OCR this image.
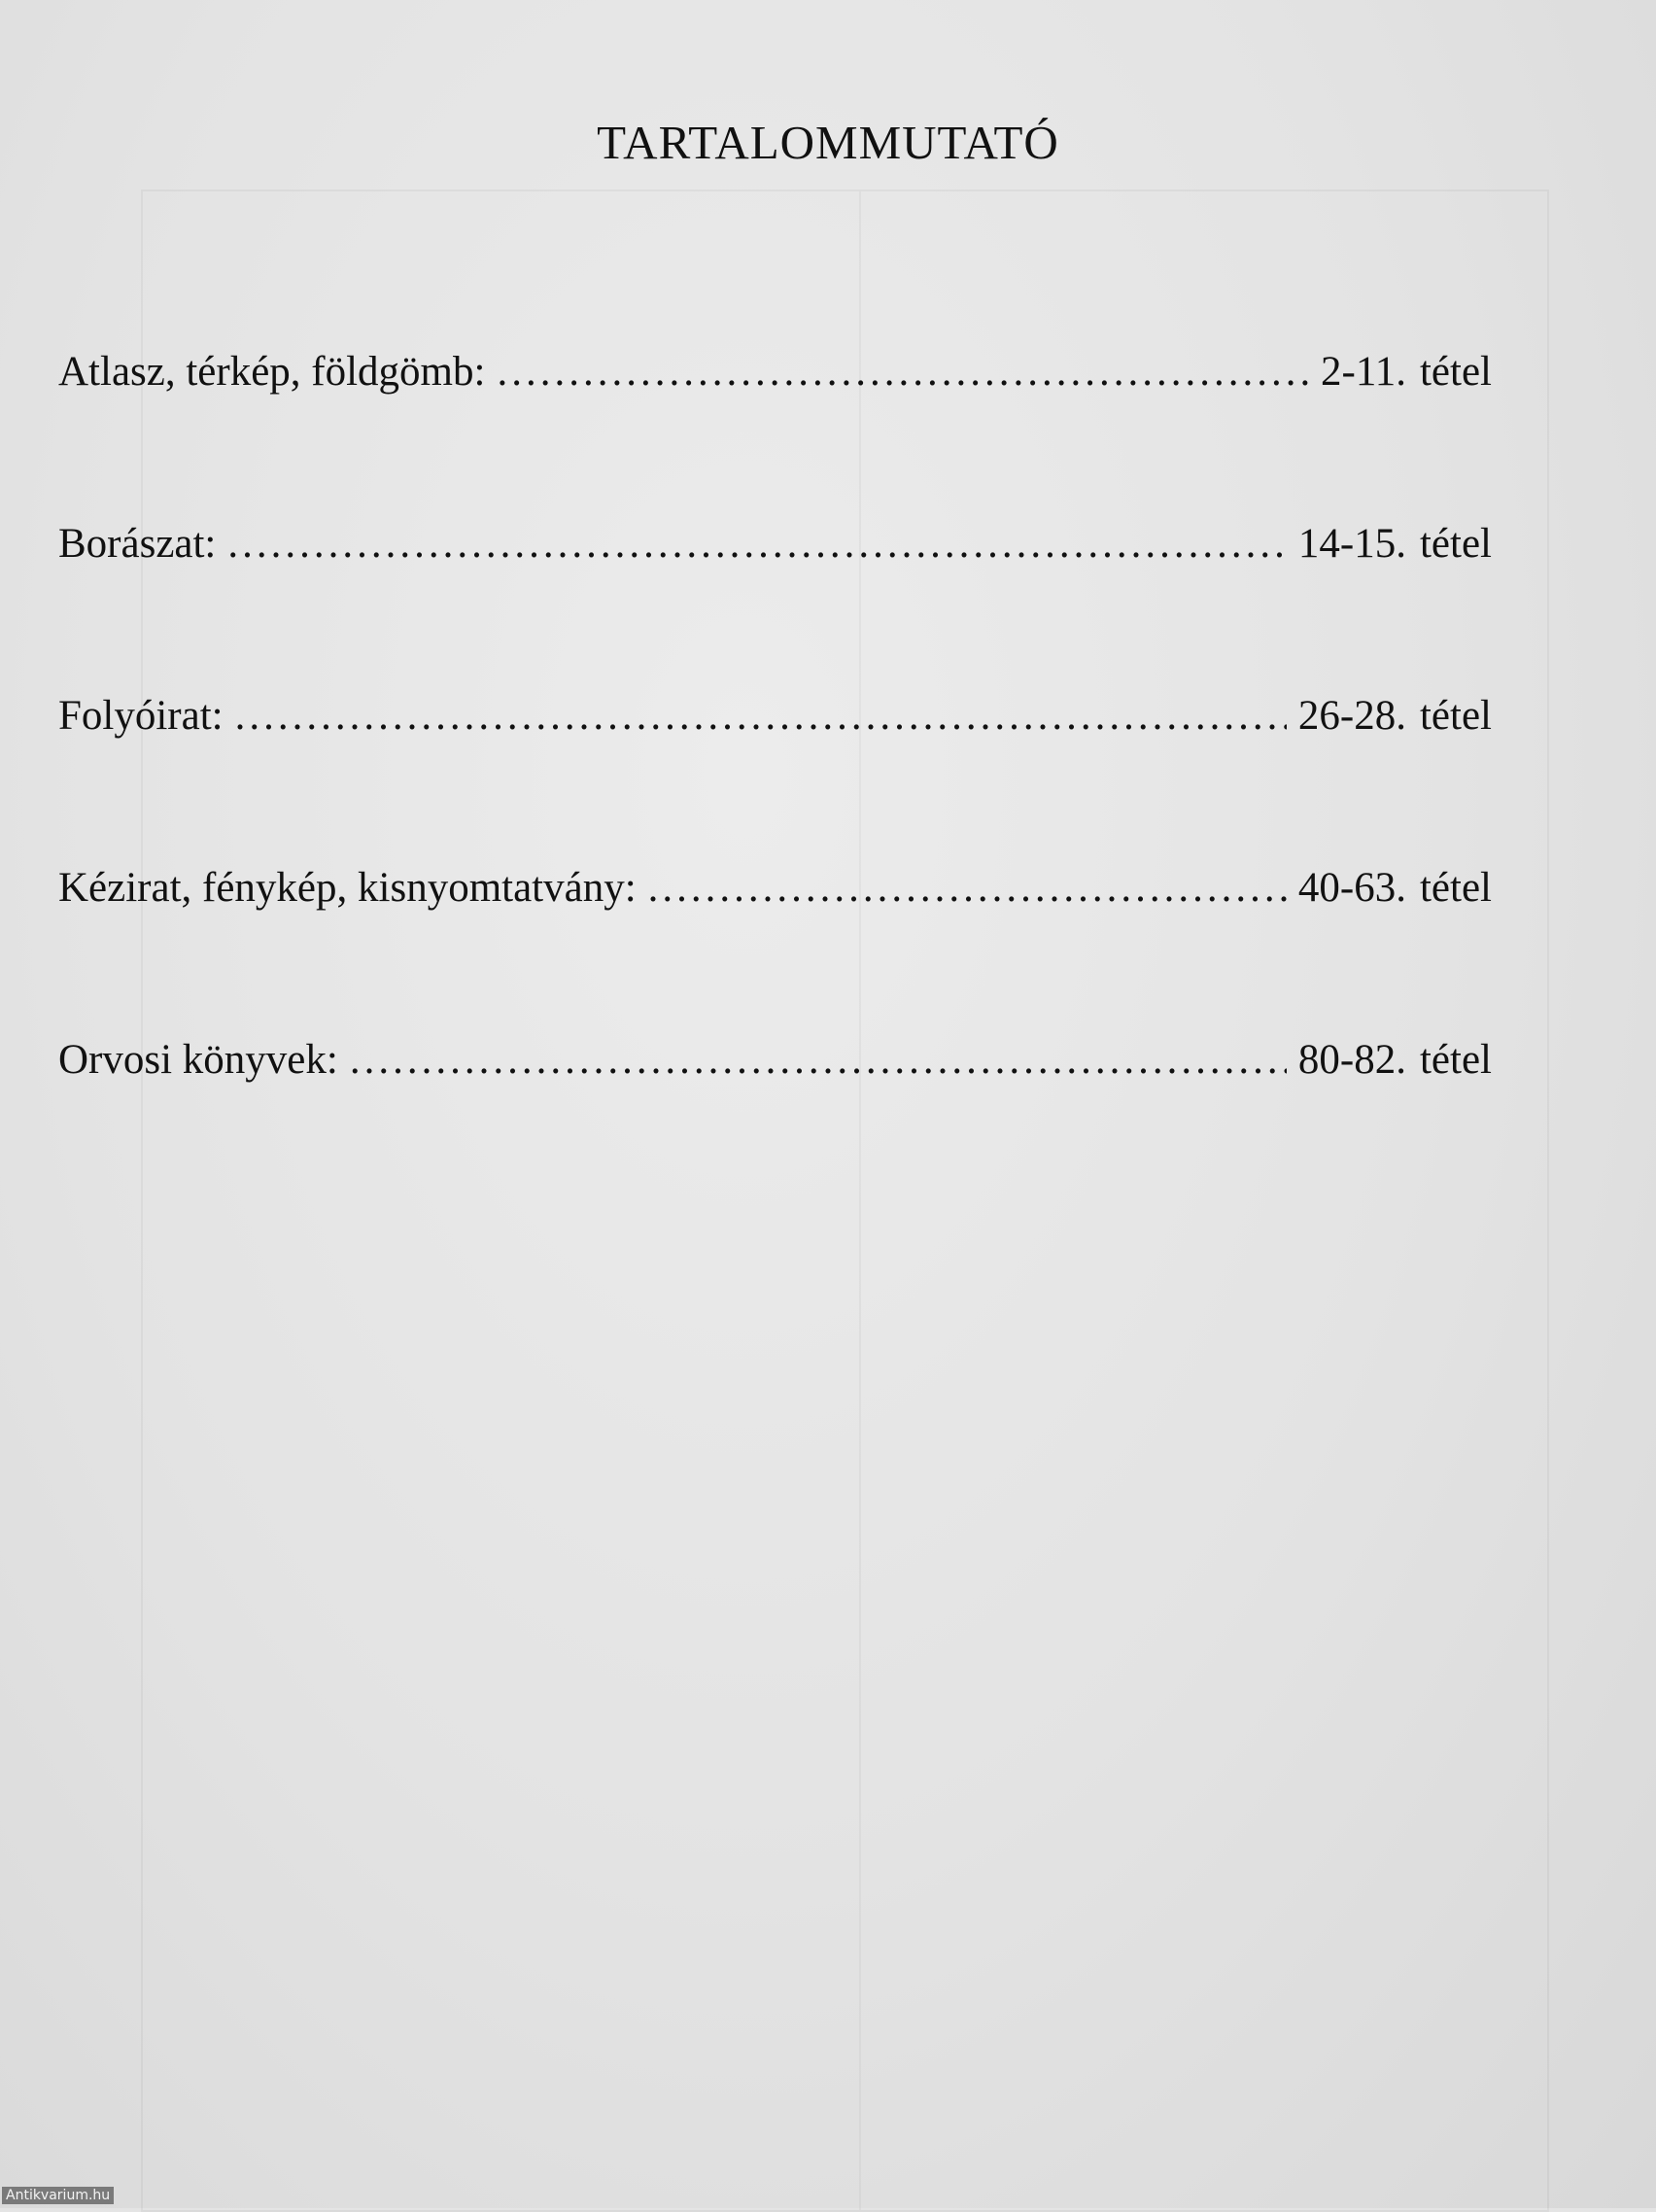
TARTALOMMUTATÓ
Atlasz, térkép, földgömb: .....	2-11. tétel
Borászat: .....	14-15. tétel
Folyóirat: .....	26-28. tétel
Kézirat, fénykép, kisnyomtatvány: .....	40-63. tétel
Orvosi könyvek: .....	80-82. tétel
Antikvarium.hu
